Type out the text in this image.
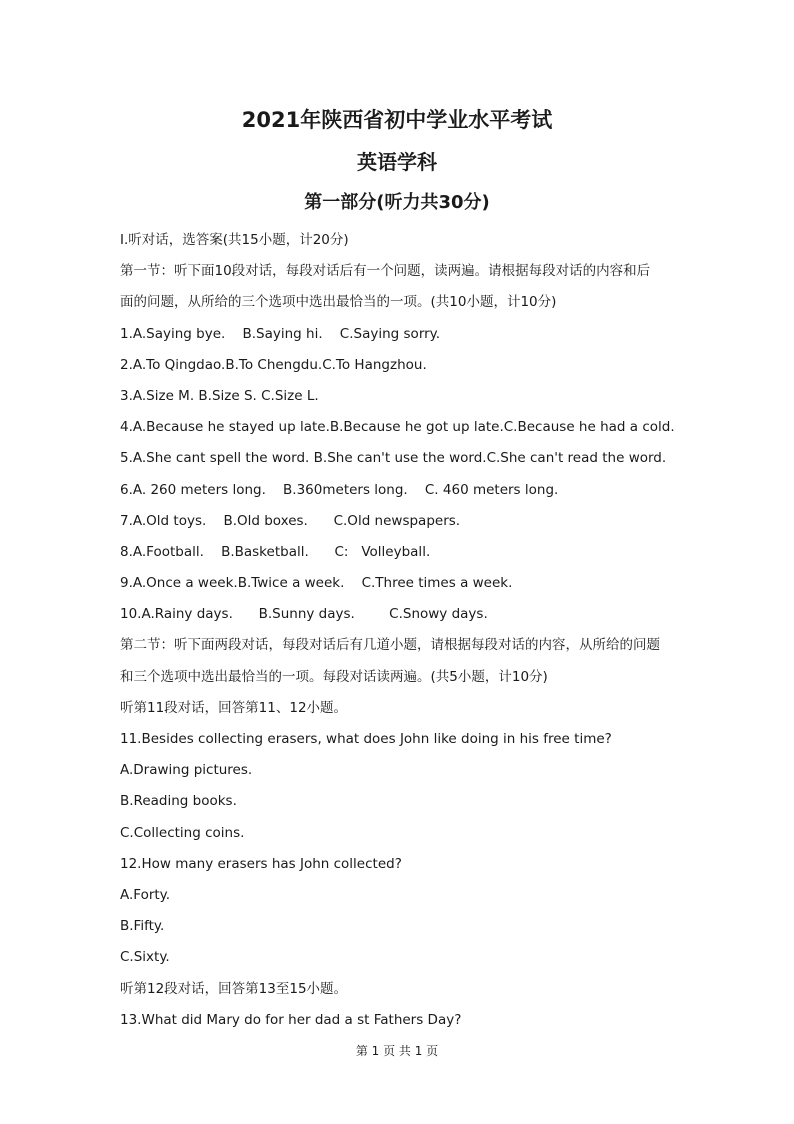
2021年陕西省初中学业水平考试
英语学科
第一部分(听力共30分)
I.听对话，选答案(共15小题，计20分)
第一节：听下面10段对话，每段对话后有一个问题，读两遍。请根据每段对话的内容和后
面的问题，从所给的三个选项中选出最恰当的一项。(共10小题，计10分)
1.A.Saying bye.    B.Saying hi.    C.Saying sorry.
2.A.To Qingdao.B.To Chengdu.C.To Hangzhou.
3.A.Size M. B.Size S. C.Size L.
4.A.Because he stayed up late.B.Because he got up late.C.Because he had a cold.
5.A.She cant spell the word. B.She can't use the word.C.She can't read the word.
6.A. 260 meters long.    B.360meters long.    C. 460 meters long.
7.A.Old toys.    B.Old boxes.      C.Old newspapers.
8.A.Football.    B.Basketball.      C:   Volleyball.
9.A.Once a week.B.Twice a week.    C.Three times a week.
10.A.Rainy days.      B.Sunny days.        C.Snowy days.
第二节：听下面两段对话，每段对话后有几道小题，请根据每段对话的内容，从所给的问题
和三个选项中选出最恰当的一项。每段对话读两遍。(共5小题，计10分)
听第11段对话，回答第11、12小题。
11.Besides collecting erasers, what does John like doing in his free time?
A.Drawing pictures.
B.Reading books.
C.Collecting coins.
12.How many erasers has John collected?
A.Forty.
B.Fifty.
C.Sixty.
听第12段对话，回答第13至15小题。
13.What did Mary do for her dad a st Fathers Day?
第 1 页 共 1 页
